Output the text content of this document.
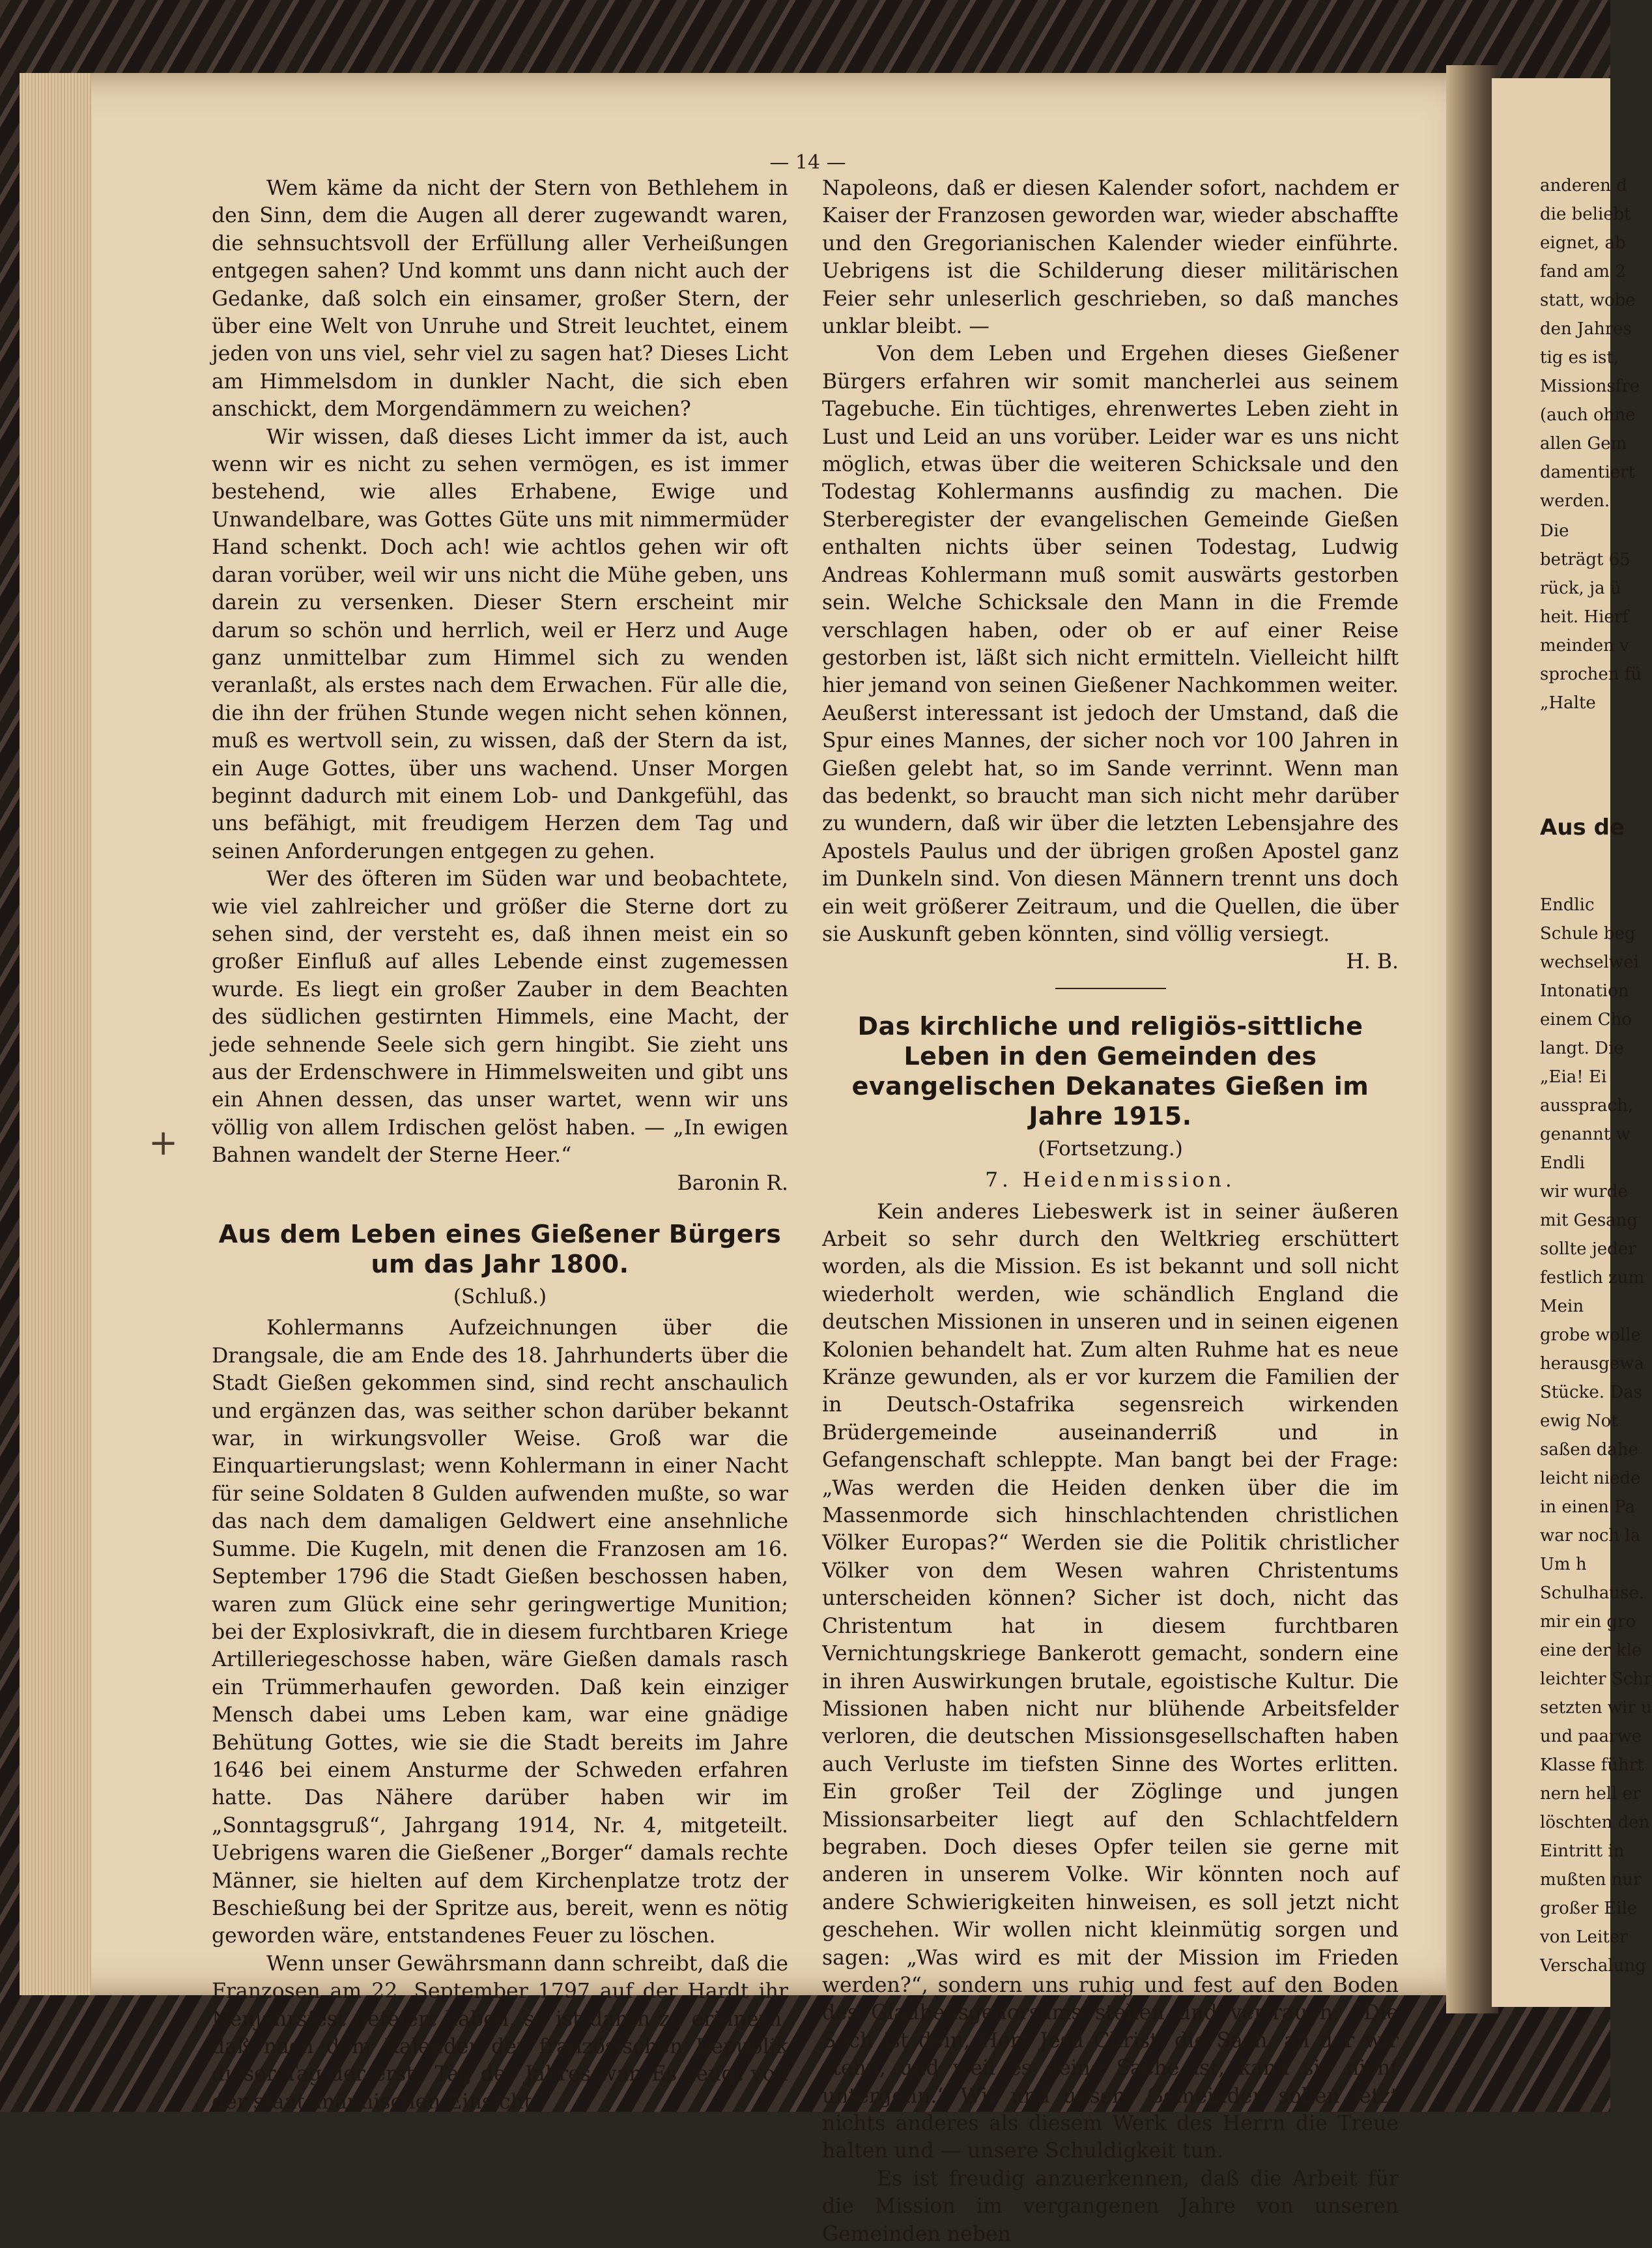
— 14 —
+

Wem käme da nicht der Stern von Bethlehem in den Sinn, dem die Augen all derer zugewandt waren, die sehnsuchtsvoll der Erfüllung aller Verheißungen entgegen sahen? Und kommt uns dann nicht auch der Gedanke, daß solch ein einsamer, großer Stern, der über eine Welt von Unruhe und Streit leuchtet, einem jeden von uns viel, sehr viel zu sagen hat? Dieses Licht am Himmelsdom in dunkler Nacht, die sich eben anschickt, dem Morgendämmern zu weichen?

Wir wissen, daß dieses Licht immer da ist, auch wenn wir es nicht zu sehen vermögen, es ist immer bestehend, wie alles Erhabene, Ewige und Unwandelbare, was Gottes Güte uns mit nimmermüder Hand schenkt. Doch ach! wie achtlos gehen wir oft daran vorüber, weil wir uns nicht die Mühe geben, uns darein zu versenken. Dieser Stern erscheint mir darum so schön und herrlich, weil er Herz und Auge ganz unmittelbar zum Himmel sich zu wenden veranlaßt, als erstes nach dem Erwachen. Für alle die, die ihn der frühen Stunde wegen nicht sehen können, muß es wertvoll sein, zu wissen, daß der Stern da ist, ein Auge Gottes, über uns wachend. Unser Morgen beginnt dadurch mit einem Lob- und Dankgefühl, das uns befähigt, mit freudigem Herzen dem Tag und seinen Anforderungen entgegen zu gehen.

Wer des öfteren im Süden war und beobachtete, wie viel zahlreicher und größer die Sterne dort zu sehen sind, der versteht es, daß ihnen meist ein so großer Einfluß auf alles Lebende einst zugemessen wurde. Es liegt ein großer Zauber in dem Beachten des südlichen gestirnten Himmels, eine Macht, der jede sehnende Seele sich gern hingibt. Sie zieht uns aus der Erdenschwere in Himmelsweiten und gibt uns ein Ahnen dessen, das unser wartet, wenn wir uns völlig von allem Irdischen gelöst haben. — „In ewigen Bahnen wandelt der Sterne Heer.“

Baronin R.
Aus dem Leben eines Gießener Bürgers um das Jahr 1800.
(Schluß.)

Kohlermanns Aufzeichnungen über die Drangsale, die am Ende des 18. Jahrhunderts über die Stadt Gießen gekommen sind, sind recht anschaulich und ergänzen das, was seither schon darüber bekannt war, in wirkungsvoller Weise. Groß war die Einquartierungslast; wenn Kohlermann in einer Nacht für seine Soldaten 8 Gulden aufwenden mußte, so war das nach dem damaligen Geldwert eine ansehnliche Summe. Die Kugeln, mit denen die Franzosen am 16. September 1796 die Stadt Gießen beschossen haben, waren zum Glück eine sehr geringwertige Munition; bei der Explosivkraft, die in diesem furchtbaren Kriege Artilleriegeschosse haben, wäre Gießen damals rasch ein Trümmerhaufen geworden. Daß kein einziger Mensch dabei ums Leben kam, war eine gnädige Behütung Gottes, wie sie die Stadt bereits im Jahre 1646 bei einem Ansturme der Schweden erfahren hatte. Das Nähere darüber haben wir im „Sonntagsgruß“, Jahrgang 1914, Nr. 4, mitgeteilt. Uebrigens waren die Gießener „Borger“ damals rechte Männer, sie hielten auf dem Kirchenplatze trotz der Beschießung bei der Spritze aus, bereit, wenn es nötig geworden wäre, entstandenes Feuer zu löschen.

Wenn unser Gewährsmann dann schreibt, daß die Franzosen am 22. September 1797 auf der Hardt ihr Neujahrsfest gefeiert haben, so ist daran zu erinnern, daß nach dem Kalender der französischen Republik dieser Tag der erste Tag des Jahres war. Es zeugt von der staatsmännischen Einsicht

Napoleons, daß er diesen Kalender sofort, nachdem er Kaiser der Franzosen geworden war, wieder abschaffte und den Gregorianischen Kalender wieder einführte. Uebrigens ist die Schilderung dieser militärischen Feier sehr unleserlich geschrieben, so daß manches unklar bleibt. —

Von dem Leben und Ergehen dieses Gießener Bürgers erfahren wir somit mancherlei aus seinem Tagebuche. Ein tüchtiges, ehrenwertes Leben zieht in Lust und Leid an uns vorüber. Leider war es uns nicht möglich, etwas über die weiteren Schicksale und den Todestag Kohlermanns ausfindig zu machen. Die Sterberegister der evangelischen Gemeinde Gießen enthalten nichts über seinen Todestag, Ludwig Andreas Kohlermann muß somit auswärts gestorben sein. Welche Schicksale den Mann in die Fremde verschlagen haben, oder ob er auf einer Reise gestorben ist, läßt sich nicht ermitteln. Vielleicht hilft hier jemand von seinen Gießener Nachkommen weiter. Aeußerst interessant ist jedoch der Umstand, daß die Spur eines Mannes, der sicher noch vor 100 Jahren in Gießen gelebt hat, so im Sande verrinnt. Wenn man das bedenkt, so braucht man sich nicht mehr darüber zu wundern, daß wir über die letzten Lebensjahre des Apostels Paulus und der übrigen großen Apostel ganz im Dunkeln sind. Von diesen Männern trennt uns doch ein weit größerer Zeitraum, und die Quellen, die über sie Auskunft geben könnten, sind völlig versiegt.

H. B.
Das kirchliche und religiös-sittliche Leben in den Gemeinden des evangelischen Dekanates Gießen im Jahre 1915.
(Fortsetzung.)
7. Heidenmission.

Kein anderes Liebeswerk ist in seiner äußeren Arbeit so sehr durch den Weltkrieg erschüttert worden, als die Mission. Es ist bekannt und soll nicht wiederholt werden, wie schändlich England die deutschen Missionen in unseren und in seinen eigenen Kolonien behandelt hat. Zum alten Ruhme hat es neue Kränze gewunden, als er vor kurzem die Familien der in Deutsch-Ostafrika segensreich wirkenden Brüdergemeinde auseinanderriß und in Gefangenschaft schleppte. Man bangt bei der Frage: „Was werden die Heiden denken über die im Massenmorde sich hinschlachtenden christlichen Völker Europas?“ Werden sie die Politik christlicher Völker von dem Wesen wahren Christentums unterscheiden können? Sicher ist doch, nicht das Christentum hat in diesem furchtbaren Vernichtungskriege Bankerott gemacht, sondern eine in ihren Auswirkungen brutale, egoistische Kultur. Die Missionen haben nicht nur blühende Arbeitsfelder verloren, die deutschen Missionsgesellschaften haben auch Verluste im tiefsten Sinne des Wortes erlitten. Ein großer Teil der Zöglinge und jungen Missionsarbeiter liegt auf den Schlachtfeldern begraben. Doch dieses Opfer teilen sie gerne mit anderen in unserem Volke. Wir könnten noch auf andere Schwierigkeiten hinweisen, es soll jetzt nicht geschehen. Wir wollen nicht kleinmütig sorgen und sagen: „Was wird es mit der Mission im Frieden werden?“, sondern uns ruhig und fest auf den Boden des Glaubensgehorsams stellen und vertrauen: „Die Sach ist dein, Herr Jesu Christ, die Sach, an der wir stehn, und weil es deine Sache ist, kann sie nicht untergehn.“ Wir und unsere Gemeinden sollen jetzt nichts anderes als diesem Werk des Herrn die Treue halten und — unsere Schuldigkeit tun.

Es ist freudig anzuerkennen, daß die Arbeit für die Mission im vergangenen Jahre von unseren Gemeinden neben

anderen d
die beliebt
eignet, ab
fand am 2
statt, wobe
den Jahres
tig es ist,
Missionsfre
(auch ohne
allen Gem
damentiert
werden.
Die
beträgt 65
rück, ja ü
heit. Hierf
meinden v
sprochen fü
„Halte
Aus de
Endlic
Schule beg
wechselwei
Intonation
einem Cho
langt. Die
„Eia! Ei
aussprach,
genannt w
Endli
wir wurde
mit Gesang
sollte jeder
festlich zum
Mein
grobe wolle
herausgewa
Stücke. Das
ewig Not
saßen dahe
leicht niede
in einen Pa
war noch la
Um h
Schulhause.
mir ein gro
eine der kle
leichter Schr
setzten wir u
und paarwe
Klasse führt
nern hell er
löschten den
Eintritt in
mußten nur
großer Eile
von Leiter
Verschalung
